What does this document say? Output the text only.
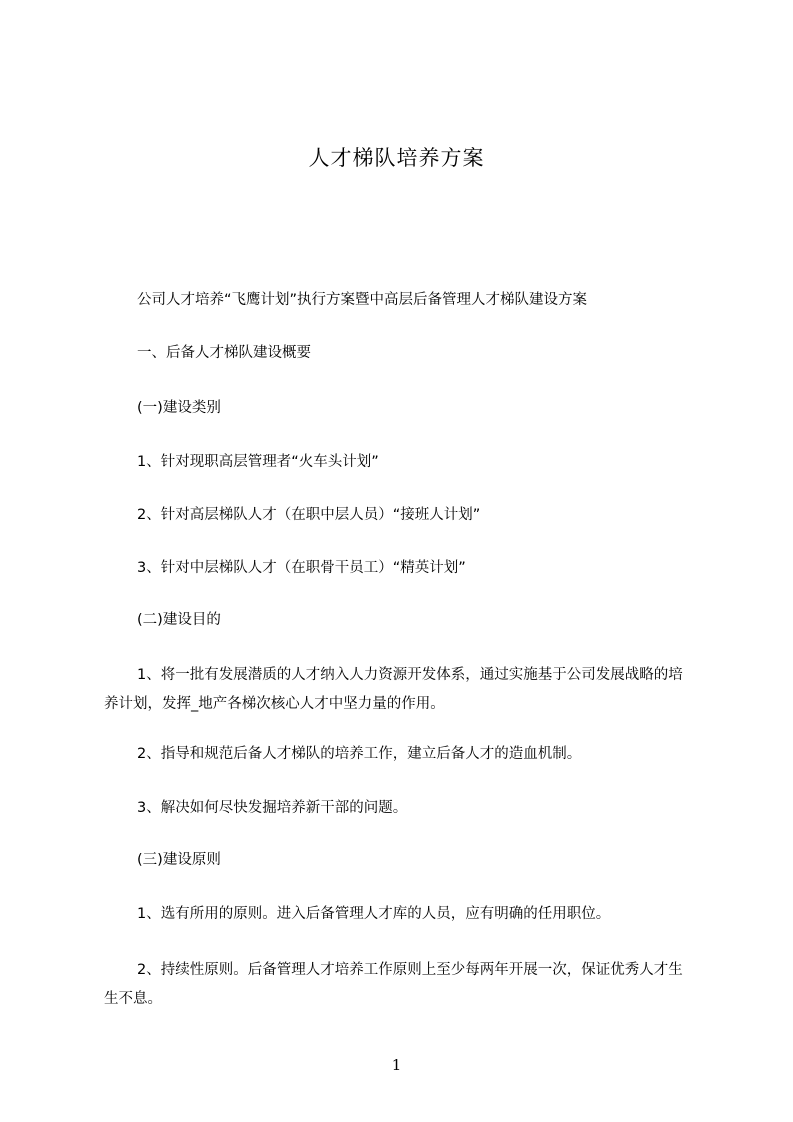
人才梯队培养方案
公司人才培养“飞鹰计划”执行方案暨中高层后备管理人才梯队建设方案
一、后备人才梯队建设概要
(一)建设类别
1、针对现职高层管理者“火车头计划”
2、针对高层梯队人才（在职中层人员）“接班人计划”
3、针对中层梯队人才（在职骨干员工）“精英计划”
(二)建设目的
1、将一批有发展潜质的人才纳入人力资源开发体系，通过实施基于公司发展战略的培养计划，发挥_地产各梯次核心人才中坚力量的作用。
2、指导和规范后备人才梯队的培养工作，建立后备人才的造血机制。
3、解决如何尽快发掘培养新干部的问题。
(三)建设原则
1、选有所用的原则。进入后备管理人才库的人员，应有明确的任用职位。
2、持续性原则。后备管理人才培养工作原则上至少每两年开展一次，保证优秀人才生生不息。
1
